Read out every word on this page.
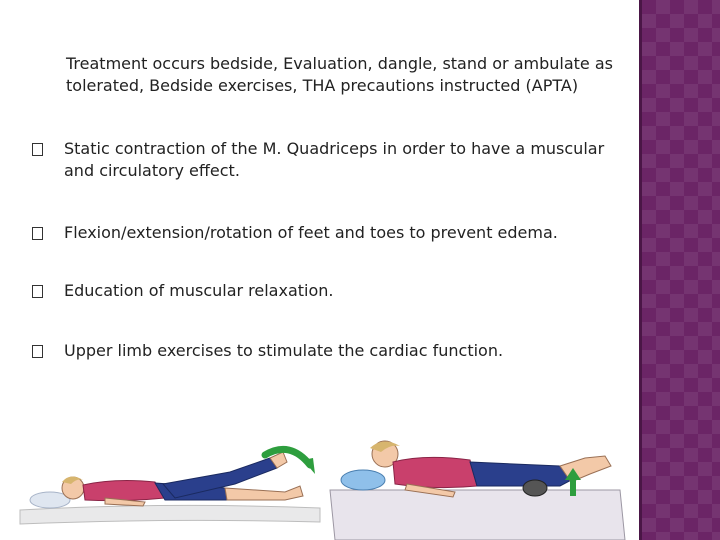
Treatment occurs bedside, Evaluation, dangle, stand or ambulate as
tolerated, Bedside exercises, THA precautions instructed (APTA)
Static contraction of the M. Quadriceps in order to have a muscular
and circulatory effect.
Flexion/extension/rotation of feet and toes to prevent edema.
Education of muscular relaxation.
Upper limb exercises to stimulate the cardiac function.
